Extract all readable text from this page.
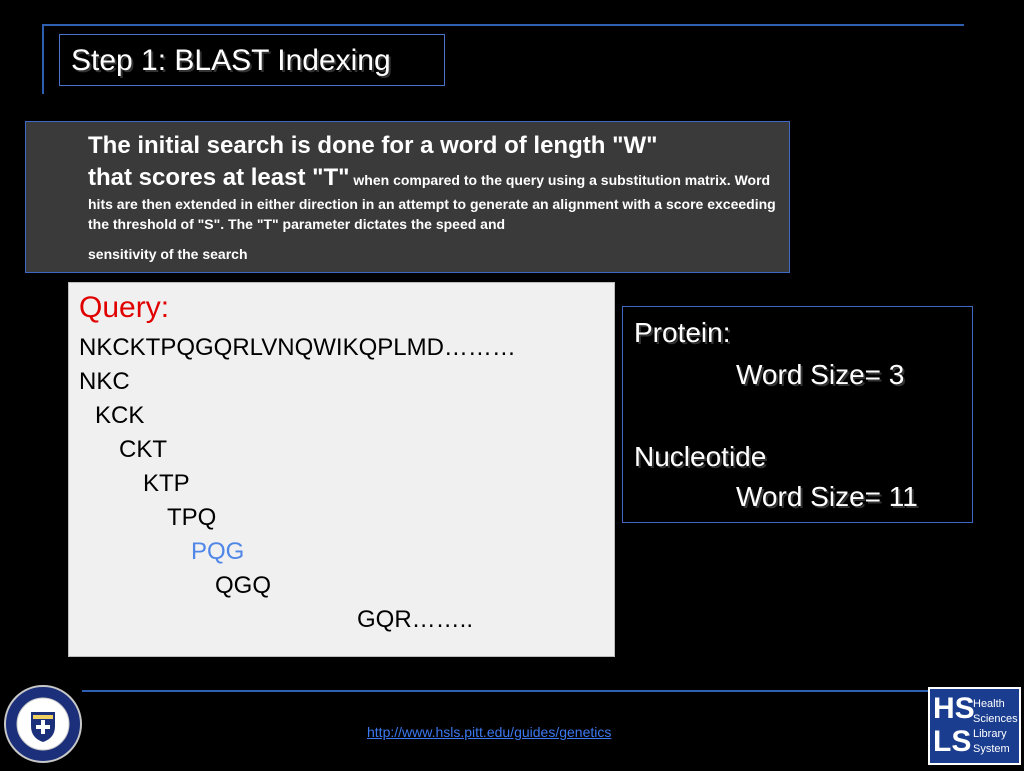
Step 1: BLAST Indexing
The initial search is done for a word of length "W"
that scores at least "T" when compared to the query using a substitution matrix. Word hits are then extended in either direction in an attempt to generate an alignment with a score exceeding the threshold of "S". The "T" parameter dictates the speed and
sensitivity of the search
Query:
NKCKTPQGQRLVNQWIKQPLMD………
NKC
KCK
CKT
KTP
TPQ
PQG
QGQ
GQR……..
Protein:
Word Size= 3
Nucleotide
Word Size= 11
http://www.hsls.pitt.edu/guides/genetics
HS
LS
Health
Sciences
Library
System
